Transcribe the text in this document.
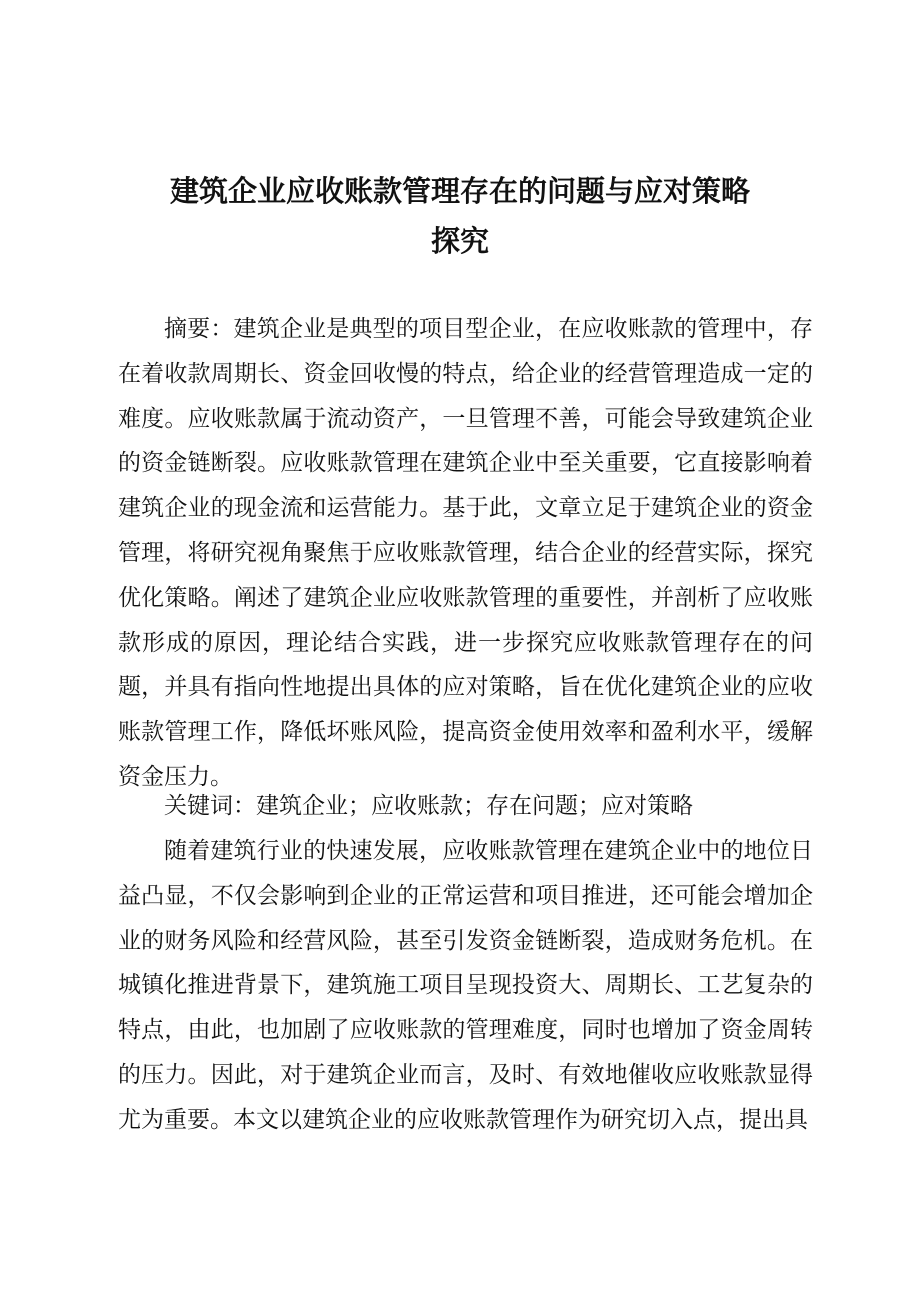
建筑企业应收账款管理存在的问题与应对策略
探究

摘要：建筑企业是典型的项目型企业，在应收账款的管理中，存在着收款周期长、资金回收慢的特点，给企业的经营管理造成一定的难度。应收账款属于流动资产，一旦管理不善，可能会导致建筑企业的资金链断裂。应收账款管理在建筑企业中至关重要，它直接影响着建筑企业的现金流和运营能力。基于此，文章立足于建筑企业的资金管理，将研究视角聚焦于应收账款管理，结合企业的经营实际，探究优化策略。阐述了建筑企业应收账款管理的重要性，并剖析了应收账款形成的原因，理论结合实践，进一步探究应收账款管理存在的问题，并具有指向性地提出具体的应对策略，旨在优化建筑企业的应收账款管理工作，降低坏账风险，提高资金使用效率和盈利水平，缓解资金压力。

关键词：建筑企业；应收账款；存在问题；应对策略

随着建筑行业的快速发展，应收账款管理在建筑企业中的地位日益凸显，不仅会影响到企业的正常运营和项目推进，还可能会增加企业的财务风险和经营风险，甚至引发资金链断裂，造成财务危机。在城镇化推进背景下，建筑施工项目呈现投资大、周期长、工艺复杂的特点，由此，也加剧了应收账款的管理难度，同时也增加了资金周转的压力。因此，对于建筑企业而言，及时、有效地催收应收账款显得尤为重要。本文以建筑企业的应收账款管理作为研究切入点，提出具
